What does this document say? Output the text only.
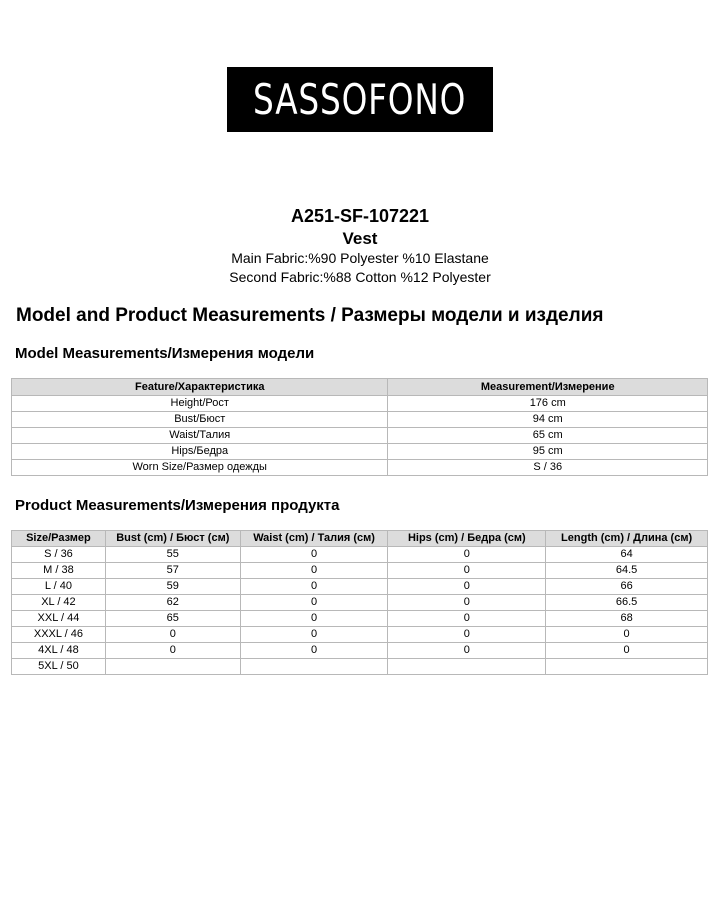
SASSOFONO
A251-SF-107221
Vest
Main Fabric:%90 Polyester %10 Elastane
Second Fabric:%88 Cotton %12 Polyester
Model and Product Measurements / Размеры модели и изделия
Model Measurements/Измерения модели
Feature/Характеристика	Measurement/Измерение
Height/Рост	176 cm
Bust/Бюст	94 cm
Waist/Талия	65 cm
Hips/Бедра	95 cm
Worn Size/Размер одежды	S / 36
Product Measurements/Измерения продукта
Size/Размер	Bust (cm) / Бюст (см)	Waist (cm) / Талия (см)	Hips (cm) / Бедра (см)	Length (cm) / Длина (см)
S / 36	55	0	0	64
M / 38	57	0	0	64.5
L / 40	59	0	0	66
XL / 42	62	0	0	66.5
XXL / 44	65	0	0	68
XXXL / 46	0	0	0	0
4XL / 48	0	0	0	0
5XL / 50				
